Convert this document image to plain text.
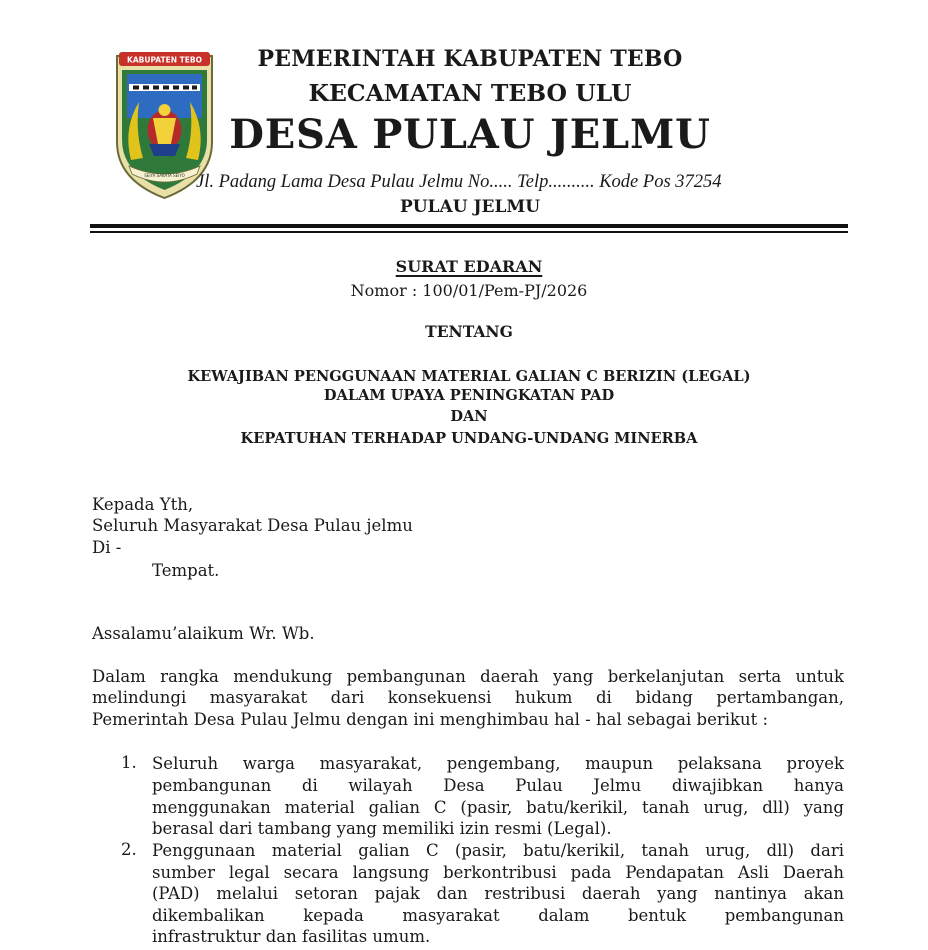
KABUPATEN TEBO
SEIYA SAKATA SEIYO
PEMERINTAH KABUPATEN TEBO
KECAMATAN TEBO ULU
DESA PULAU JELMU
Jl. Padang Lama Desa Pulau Jelmu No..... Telp.......... Kode Pos 37254
PULAU JELMU
SURAT EDARAN
Nomor : 100/01/Pem-PJ/2026
TENTANG
KEWAJIBAN PENGGUNAAN MATERIAL GALIAN C BERIZIN (LEGAL)
DALAM UPAYA PENINGKATAN PAD
DAN
KEPATUHAN TERHADAP UNDANG-UNDANG MINERBA
Kepada Yth,
Seluruh Masyarakat Desa Pulau jelmu
Di -
Tempat.
Assalamu’alaikum Wr. Wb.
Dalam rangka mendukung pembangunan daerah yang berkelanjutan serta untuk
melindungi masyarakat dari konsekuensi hukum di bidang pertambangan,
Pemerintah Desa Pulau Jelmu dengan ini menghimbau hal - hal sebagai berikut :
1. Seluruh warga masyarakat, pengembang, maupun pelaksana proyek
pembangunan di wilayah Desa Pulau Jelmu diwajibkan hanya
menggunakan material galian C (pasir, batu/kerikil, tanah urug, dll) yang
berasal dari tambang yang memiliki izin resmi (Legal).
2. Penggunaan material galian C (pasir, batu/kerikil, tanah urug, dll) dari
sumber legal secara langsung berkontribusi pada Pendapatan Asli Daerah
(PAD) melalui setoran pajak dan restribusi daerah yang nantinya akan
dikembalikan kepada masyarakat dalam bentuk pembangunan
infrastruktur dan fasilitas umum.
